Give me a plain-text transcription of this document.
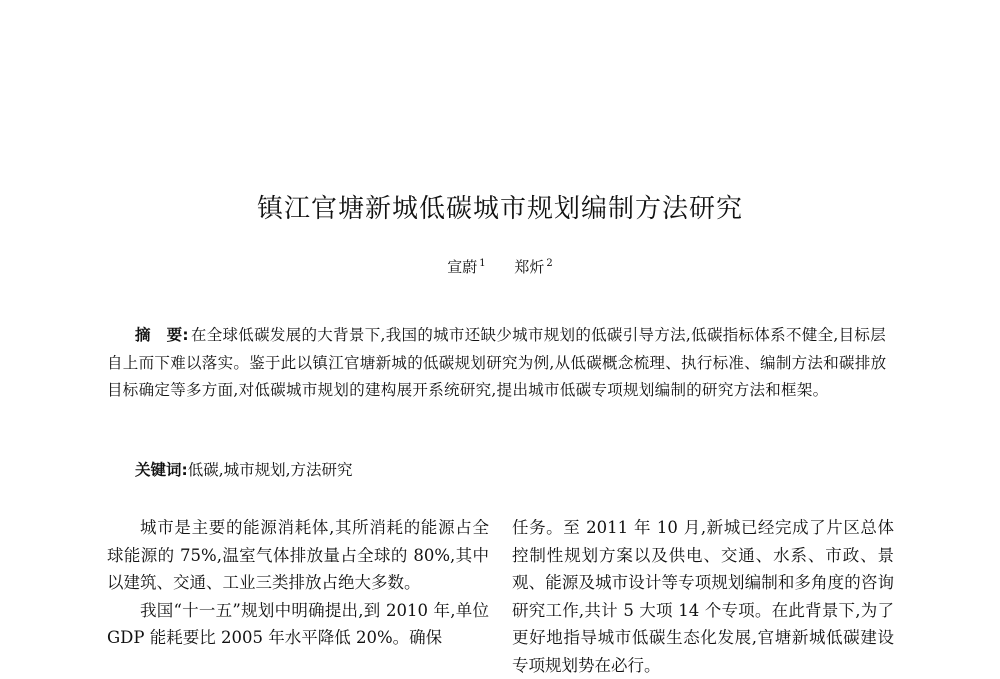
镇江官塘新城低碳城市规划编制方法研究
宣蔚 $^1$ 郑炘 $^2$
摘　要: 在全球低碳发展的大背景下,我国的城市还缺少城市规划的低碳引导方法,低碳指标体系不健全,目标层自上而下难以落实。鉴于此以镇江官塘新城的低碳规划研究为例,从低碳概念梳理、执行标准、编制方法和碳排放目标确定等多方面,对低碳城市规划的建构展开系统研究,提出城市低碳专项规划编制的研究方法和框架。
关键词:低碳,城市规划,方法研究

城市是主要的能源消耗体,其所消耗的能源占全球能源的 75%,温室气体排放量占全球的 80%,其中以建筑、交通、工业三类排放占绝大多数。

我国“十一五”规划中明确提出,到 2010 年,单位 GDP 能耗要比 2005 年水平降低 20%。确保

任务。至 2011 年 10 月,新城已经完成了片区总体控制性规划方案以及供电、交通、水系、市政、景观、能源及城市设计等专项规划编制和多角度的咨询研究工作,共计 5 大项 14 个专项。在此背景下,为了更好地指导城市低碳生态化发展,官塘新城低碳建设专项规划势在必行。
